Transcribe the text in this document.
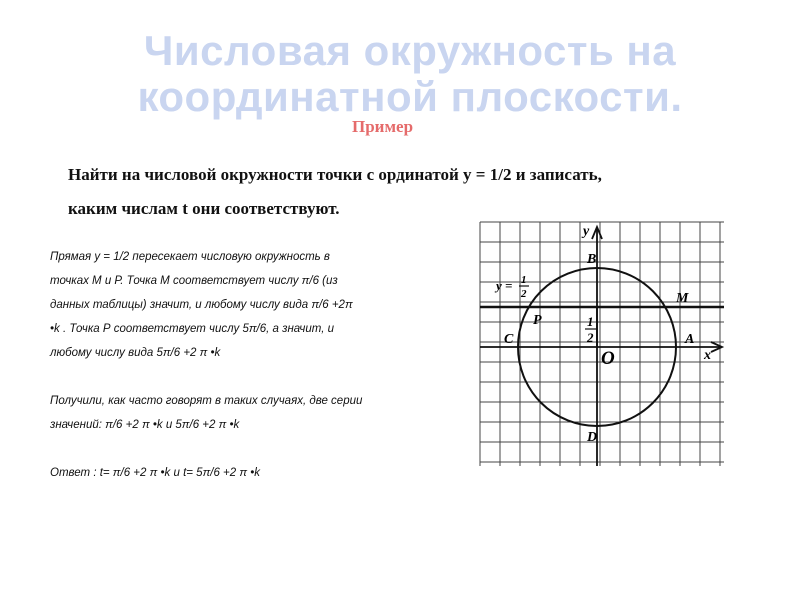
Числовая окружность на
координатной плоскости.
Пример
Найти на числовой окружности точки с ординатой y = 1/2 и записать,
каким числам t они соответствуют.

Прямая y = 1/2 пересекает числовую окружность в

точках М и Р. Точка М соответствует числу π/6 (из

данных таблицы) значит, и любому числу вида π/6 +2π

•k . Точка Р соответствует числу 5π/6, а значит, и

любому числу вида 5π/6 +2 π •k

Получили, как часто говорят в таких случаях, две серии

значений: π/6 +2 π •k и 5π/6 +2 π •k

Ответ : t= π/6 +2 π •k и t= 5π/6 +2 π •k

x
y
O
A
B
C
D
M
P
y = 1
2
1
2
